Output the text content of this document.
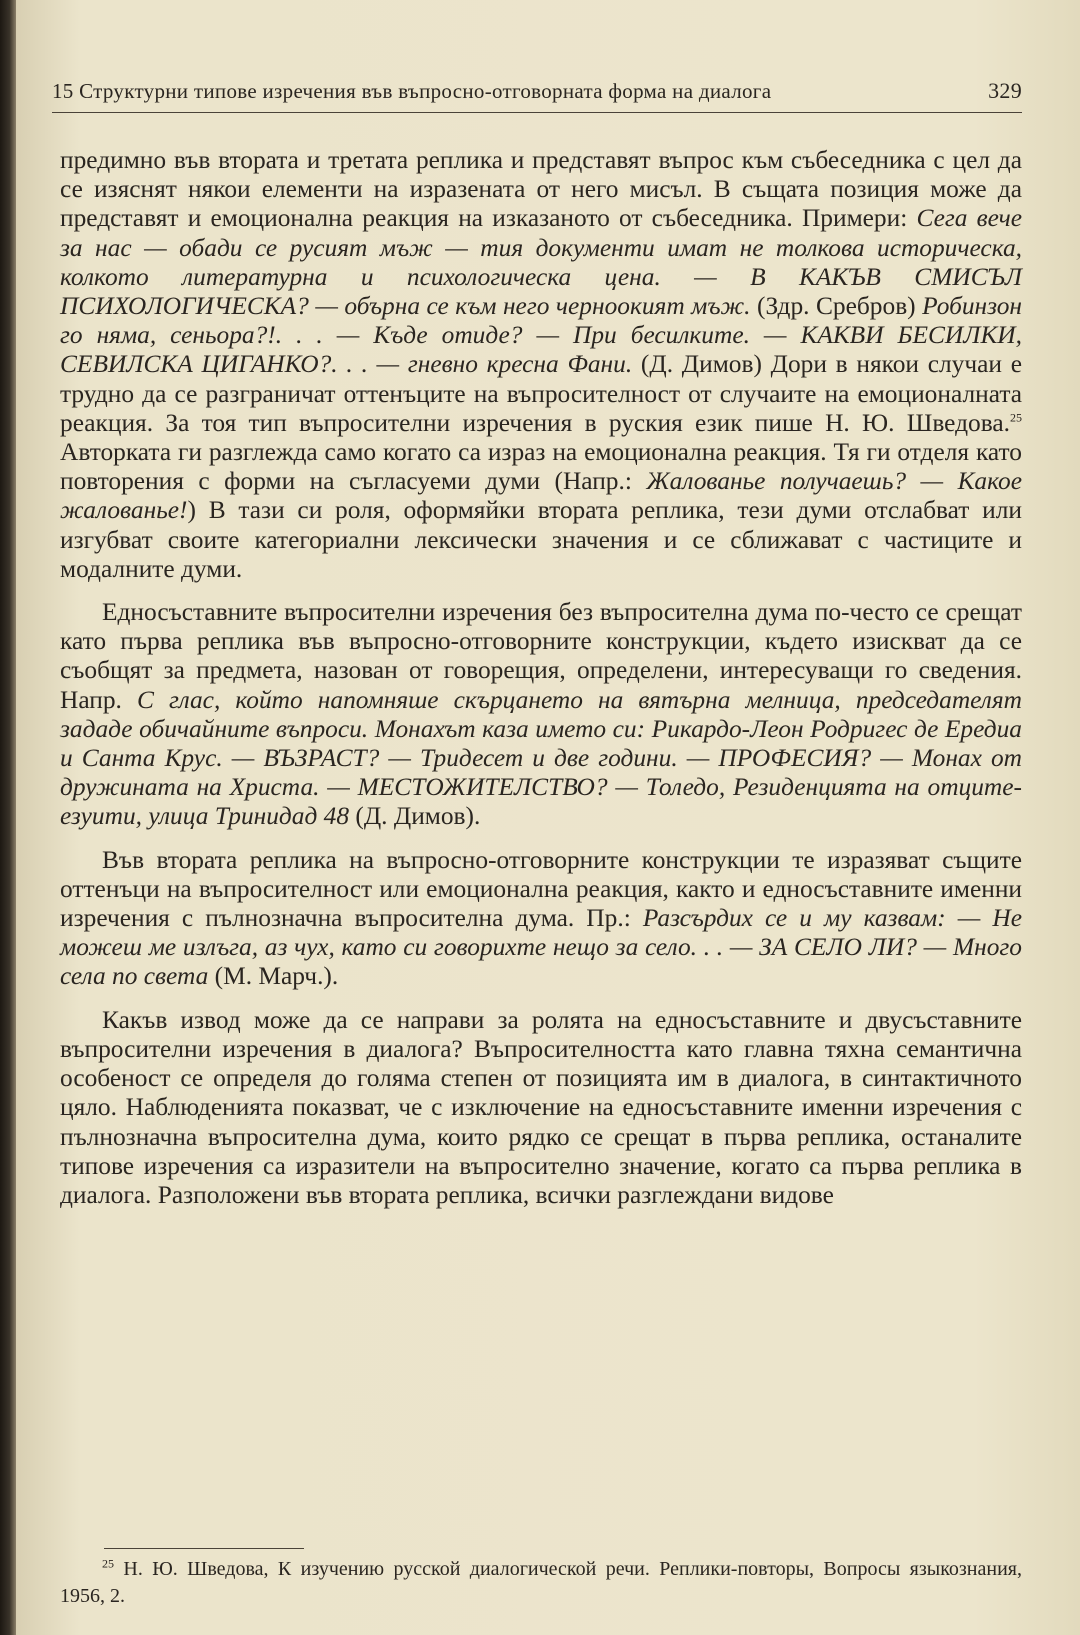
15 Структурни типове изречения във въпросно-отговорната форма на диалога	329

предимно във втората и третата реплика и представят въпрос към събеседника с цел да се изяснят някои елементи на изразената от него мисъл. В същата позиция може да представят и емоционална реакция на изказаното от събеседника. Примери: Сега вече за нас — обади се русият мъж — тия документи имат не толкова историческа, колкото литературна и психологическа цена. — В КАКЪВ СМИСЪЛ ПСИХОЛОГИЧЕСКА? — обърна се към него черноокият мъж. (Здр. Сребров) Робинзон го няма, сеньора?!. . . — Къде отиде? — При бесилките. — КАКВИ БЕСИЛКИ, СЕВИЛСКА ЦИГАНКО?. . . — гневно кресна Фани. (Д. Димов) Дори в някои случаи е трудно да се разграничат оттенъците на въпросителност от случаите на емоционалната реакция. За тоя тип въпросителни изречения в руския език пише Н. Ю. Шведова.$^{25}$ Авторката ги разглежда само когато са израз на емоционална реакция. Тя ги отделя като повторения с форми на съгласуеми думи (Напр.: Жалованье получаешь? — Какое жалованье!) В тази си роля, оформяйки втората реплика, тези думи отслабват или изгубват своите категориални лексически значения и се сближават с частиците и модалните думи.

Едносъставните въпросителни изречения без въпросителна дума по-често се срещат като първа реплика във въпросно-отговорните конструкции, където изискват да се съобщят за предмета, назован от говорещия, определени, интересуващи го сведения. Напр. С глас, който напомняше скърцането на вятърна мелница, председателят зададе обичайните въпроси. Монахът каза името си: Рикардо-Леон Родригес де Ередиа и Санта Крус. — ВЪЗРАСТ? — Тридесет и две години. — ПРОФЕСИЯ? — Монах от дружината на Христа. — МЕСТОЖИТЕЛСТВО? — Толедо, Резиденцията на отците-езуити, улица Тринидад 48 (Д. Димов).

Във втората реплика на въпросно-отговорните конструкции те изразяват същите оттенъци на въпросителност или емоционална реакция, както и едносъставните именни изречения с пълнозначна въпросителна дума. Пр.: Разсърдих се и му казвам: — Не можеш ме излъга, аз чух, като си говорихте нещо за село. . . — ЗА СЕЛО ЛИ? — Много села по света (М. Марч.).

Какъв извод може да се направи за ролята на едносъставните и двусъставните въпросителни изречения в диалога? Въпросителността като главна тяхна семантична особеност се определя до голяма степен от позицията им в диалога, в синтактичното цяло. Наблюденията показват, че с изключение на едносъставните именни изречения с пълнозначна въпросителна дума, които рядко се срещат в първа реплика, останалите типове изречения са изразители на въпросително значение, когато са първа реплика в диалога. Разположени във втората реплика, всички разглеждани видове

$^{25}$ Н. Ю. Шведова, К изучению русской диалогической речи. Реплики-повторы, Вопросы языкознания, 1956, 2.
